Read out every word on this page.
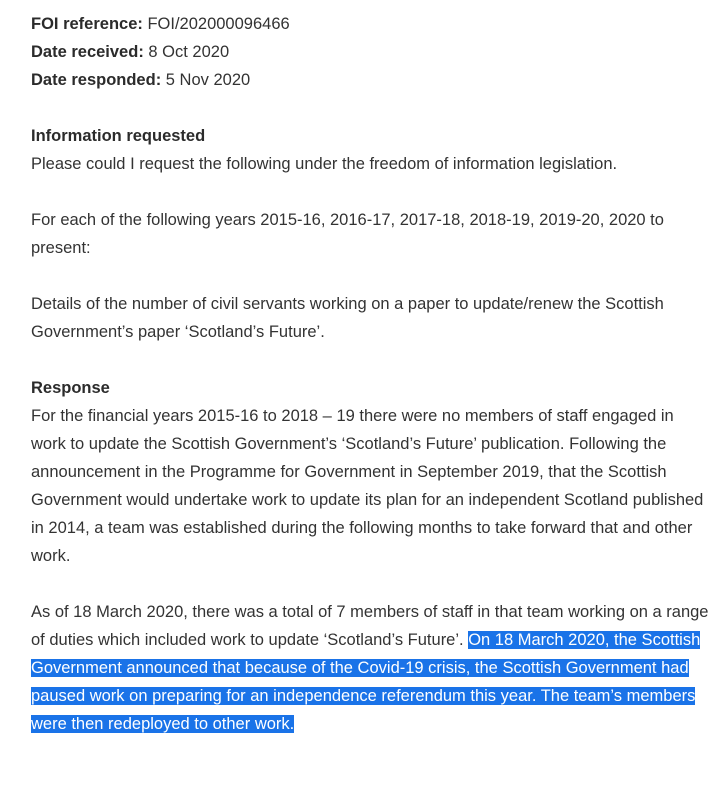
FOI reference: FOI/202000096466
Date received: 8 Oct 2020
Date responded: 5 Nov 2020
Information requested

Please could I request the following under the freedom of information legislation.

For each of the following years 2015-16, 2016-17, 2017-18, 2018-19, 2019-20, 2020 to present:

Details of the number of civil servants working on a paper to update/renew the Scottish Government’s paper ‘Scotland’s Future’.

Response

For the financial years 2015-16 to 2018 – 19 there were no members of staff engaged in work to update the Scottish Government’s ‘Scotland’s Future’ publication. Following the announcement in the Programme for Government in September 2019, that the Scottish Government would undertake work to update its plan for an independent Scotland published in 2014, a team was established during the following months to take forward that and other work.

As of 18 March 2020, there was a total of 7 members of staff in that team working on a range of duties which included work to update ‘Scotland’s Future’. On 18 March 2020, the Scottish Government announced that because of the Covid-19 crisis, the Scottish Government had paused work on preparing for an independence referendum this year. The team’s members were then redeployed to other work.
